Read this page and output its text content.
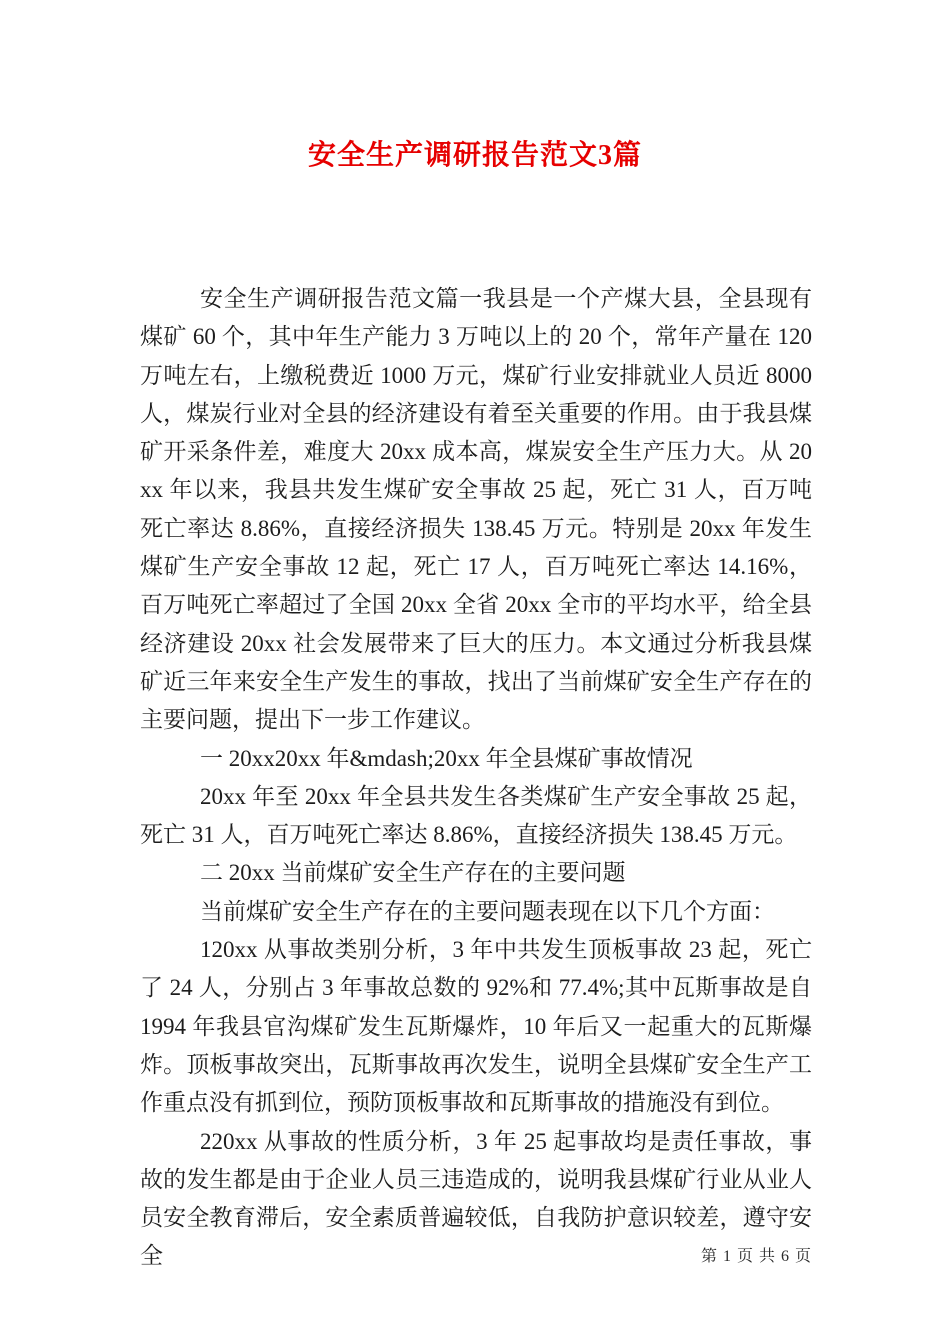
安全生产调研报告范文3篇

安全生产调研报告范文篇一我县是一个产煤大县，全县现有煤矿 60 个，其中年生产能力 3 万吨以上的 20 个，常年产量在 120 万吨左右，上缴税费近 1000 万元，煤矿行业安排就业人员近 8000 人，煤炭行业对全县的经济建设有着至关重要的作用。由于我县煤矿开采条件差，难度大 20xx 成本高，煤炭安全生产压力大。从 20xx 年以来，我县共发生煤矿安全事故 25 起，死亡 31 人，百万吨死亡率达 8.86%，直接经济损失 138.45 万元。特别是 20xx 年发生煤矿生产安全事故 12 起，死亡 17 人，百万吨死亡率达 14.16%，百万吨死亡率超过了全国 20xx 全省 20xx 全市的平均水平，给全县经济建设 20xx 社会发展带来了巨大的压力。本文通过分析我县煤矿近三年来安全生产发生的事故，找出了当前煤矿安全生产存在的主要问题，提出下一步工作建议。

一 20xx20xx 年&mdash;20xx 年全县煤矿事故情况

20xx 年至 20xx 年全县共发生各类煤矿生产安全事故 25 起，死亡 31 人，百万吨死亡率达 8.86%，直接经济损失 138.45 万元。

二 20xx 当前煤矿安全生产存在的主要问题

当前煤矿安全生产存在的主要问题表现在以下几个方面：

120xx 从事故类别分析，3 年中共发生顶板事故 23 起，死亡了 24 人，分别占 3 年事故总数的 92%和 77.4%;其中瓦斯事故是自 1994 年我县官沟煤矿发生瓦斯爆炸，10 年后又一起重大的瓦斯爆炸。顶板事故突出，瓦斯事故再次发生，说明全县煤矿安全生产工作重点没有抓到位，预防顶板事故和瓦斯事故的措施没有到位。

220xx 从事故的性质分析，3 年 25 起事故均是责任事故，事故的发生都是由于企业人员三违造成的，说明我县煤矿行业从业人员安全教育滞后，安全素质普遍较低，自我防护意识较差，遵守安全	第 1 页 共 6 页
